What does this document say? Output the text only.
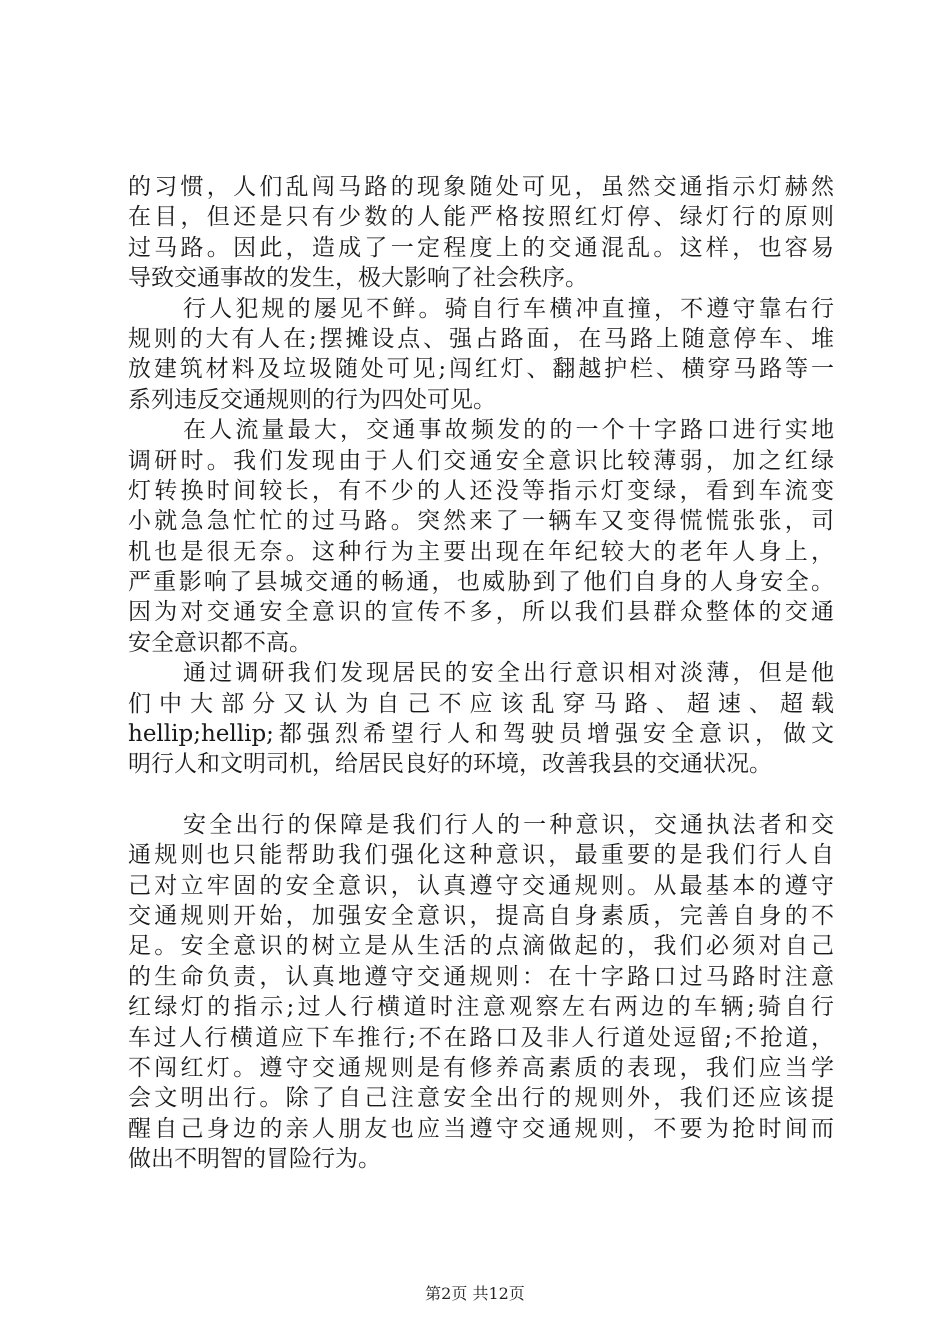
的习惯，人们乱闯马路的现象随处可见，虽然交通指示灯赫然
在目，但还是只有少数的人能严格按照红灯停、绿灯行的原则
过马路。因此，造成了一定程度上的交通混乱。这样，也容易
导致交通事故的发生，极大影响了社会秩序。
行人犯规的屡见不鲜。骑自行车横冲直撞，不遵守靠右行
规则的大有人在;摆摊设点、强占路面，在马路上随意停车、堆
放建筑材料及垃圾随处可见;闯红灯、翻越护栏、横穿马路等一
系列违反交通规则的行为四处可见。
在人流量最大，交通事故频发的的一个十字路口进行实地
调研时。我们发现由于人们交通安全意识比较薄弱，加之红绿
灯转换时间较长，有不少的人还没等指示灯变绿，看到车流变
小就急急忙忙的过马路。突然来了一辆车又变得慌慌张张，司
机也是很无奈。这种行为主要出现在年纪较大的老年人身上，
严重影响了县城交通的畅通，也威胁到了他们自身的人身安全。
因为对交通安全意识的宣传不多，所以我们县群众整体的交通
安全意识都不高。
通过调研我们发现居民的安全出行意识相对淡薄，但是他
们中大部分又认为自己不应该乱穿马路、超速、超载
hellip;hellip;都强烈希望行人和驾驶员增强安全意识，做文
明行人和文明司机，给居民良好的环境，改善我县的交通状况。
安全出行的保障是我们行人的一种意识，交通执法者和交
通规则也只能帮助我们强化这种意识，最重要的是我们行人自
己对立牢固的安全意识，认真遵守交通规则。从最基本的遵守
交通规则开始，加强安全意识，提高自身素质，完善自身的不
足。安全意识的树立是从生活的点滴做起的，我们必须对自己
的生命负责，认真地遵守交通规则：在十字路口过马路时注意
红绿灯的指示;过人行横道时注意观察左右两边的车辆;骑自行
车过人行横道应下车推行;不在路口及非人行道处逗留;不抢道，
不闯红灯。遵守交通规则是有修养高素质的表现，我们应当学
会文明出行。除了自己注意安全出行的规则外，我们还应该提
醒自己身边的亲人朋友也应当遵守交通规则，不要为抢时间而
做出不明智的冒险行为。
第2页 共12页
